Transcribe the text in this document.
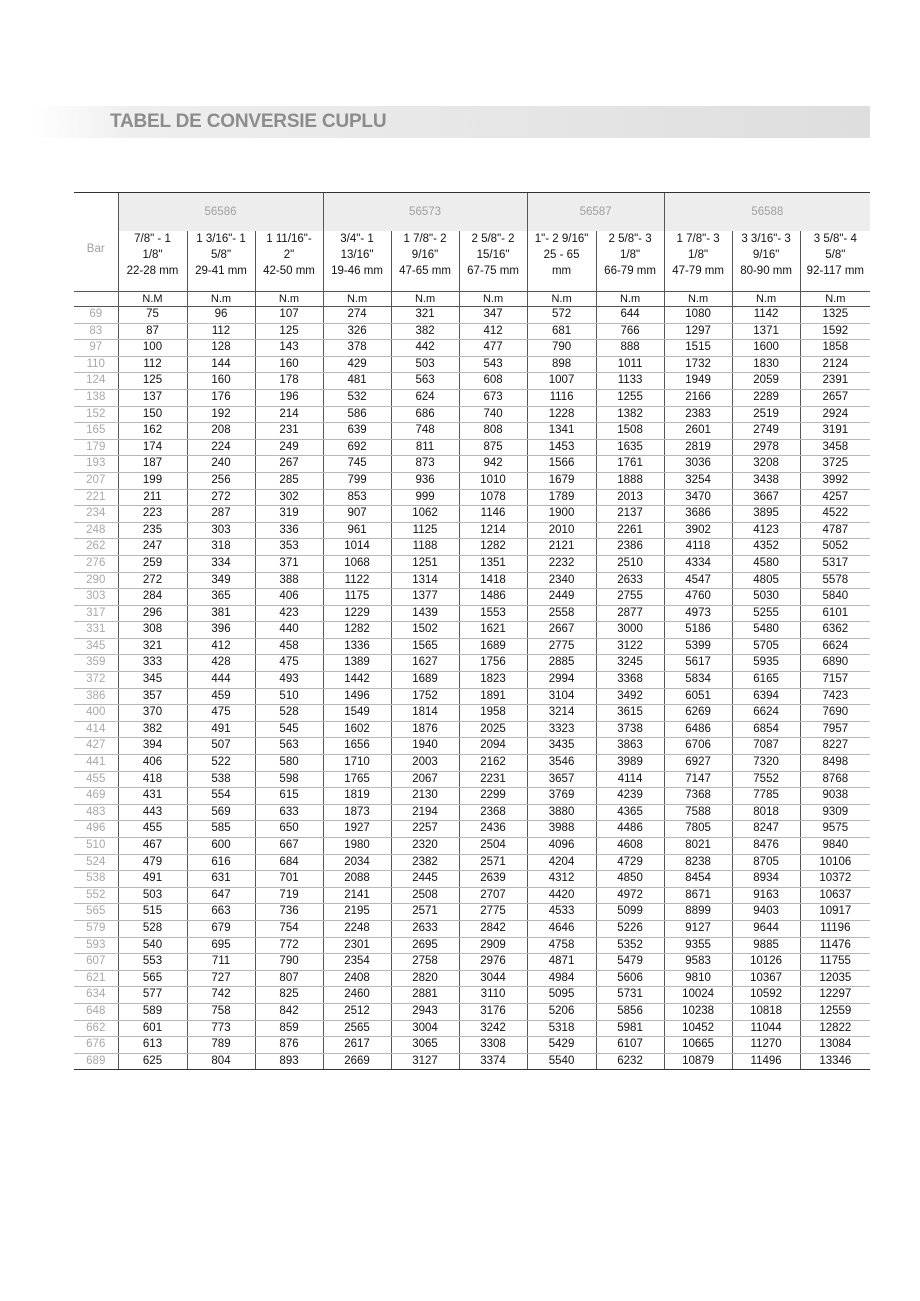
TABEL DE CONVERSIE CUPLU
	56586			56573			56587		56588		
Bar	7/8" - 1
1/8"
22-28 mm	1 3/16"- 1
5/8"
29-41 mm	1 11/16"-
2"
42-50 mm	3/4"- 1
13/16"
19-46 mm	1 7/8"- 2
9/16"
47-65 mm	2 5/8"- 2
15/16"
67-75 mm	1"- 2 9/16"
25 - 65
mm	2 5/8"- 3
1/8"
66-79 mm	1 7/8"- 3
1/8"
47-79 mm	3 3/16"- 3
9/16"
80-90 mm	3 5/8"- 4
5/8"
92-117 mm

	N.M	N.m	N.m	N.m	N.m	N.m	N.m	N.m	N.m	N.m	N.m
69	75	96	107	274	321	347	572	644	1080	1142	1325
83	87	112	125	326	382	412	681	766	1297	1371	1592
97	100	128	143	378	442	477	790	888	1515	1600	1858
110	112	144	160	429	503	543	898	1011	1732	1830	2124
124	125	160	178	481	563	608	1007	1133	1949	2059	2391
138	137	176	196	532	624	673	1116	1255	2166	2289	2657
152	150	192	214	586	686	740	1228	1382	2383	2519	2924
165	162	208	231	639	748	808	1341	1508	2601	2749	3191
179	174	224	249	692	811	875	1453	1635	2819	2978	3458
193	187	240	267	745	873	942	1566	1761	3036	3208	3725
207	199	256	285	799	936	1010	1679	1888	3254	3438	3992
221	211	272	302	853	999	1078	1789	2013	3470	3667	4257
234	223	287	319	907	1062	1146	1900	2137	3686	3895	4522
248	235	303	336	961	1125	1214	2010	2261	3902	4123	4787
262	247	318	353	1014	1188	1282	2121	2386	4118	4352	5052
276	259	334	371	1068	1251	1351	2232	2510	4334	4580	5317
290	272	349	388	1122	1314	1418	2340	2633	4547	4805	5578
303	284	365	406	1175	1377	1486	2449	2755	4760	5030	5840
317	296	381	423	1229	1439	1553	2558	2877	4973	5255	6101
331	308	396	440	1282	1502	1621	2667	3000	5186	5480	6362
345	321	412	458	1336	1565	1689	2775	3122	5399	5705	6624
359	333	428	475	1389	1627	1756	2885	3245	5617	5935	6890
372	345	444	493	1442	1689	1823	2994	3368	5834	6165	7157
386	357	459	510	1496	1752	1891	3104	3492	6051	6394	7423
400	370	475	528	1549	1814	1958	3214	3615	6269	6624	7690
414	382	491	545	1602	1876	2025	3323	3738	6486	6854	7957
427	394	507	563	1656	1940	2094	3435	3863	6706	7087	8227
441	406	522	580	1710	2003	2162	3546	3989	6927	7320	8498
455	418	538	598	1765	2067	2231	3657	4114	7147	7552	8768
469	431	554	615	1819	2130	2299	3769	4239	7368	7785	9038
483	443	569	633	1873	2194	2368	3880	4365	7588	8018	9309
496	455	585	650	1927	2257	2436	3988	4486	7805	8247	9575
510	467	600	667	1980	2320	2504	4096	4608	8021	8476	9840
524	479	616	684	2034	2382	2571	4204	4729	8238	8705	10106
538	491	631	701	2088	2445	2639	4312	4850	8454	8934	10372
552	503	647	719	2141	2508	2707	4420	4972	8671	9163	10637
565	515	663	736	2195	2571	2775	4533	5099	8899	9403	10917
579	528	679	754	2248	2633	2842	4646	5226	9127	9644	11196
593	540	695	772	2301	2695	2909	4758	5352	9355	9885	11476
607	553	711	790	2354	2758	2976	4871	5479	9583	10126	11755
621	565	727	807	2408	2820	3044	4984	5606	9810	10367	12035
634	577	742	825	2460	2881	3110	5095	5731	10024	10592	12297
648	589	758	842	2512	2943	3176	5206	5856	10238	10818	12559
662	601	773	859	2565	3004	3242	5318	5981	10452	11044	12822
676	613	789	876	2617	3065	3308	5429	6107	10665	11270	13084
689	625	804	893	2669	3127	3374	5540	6232	10879	11496	13346
